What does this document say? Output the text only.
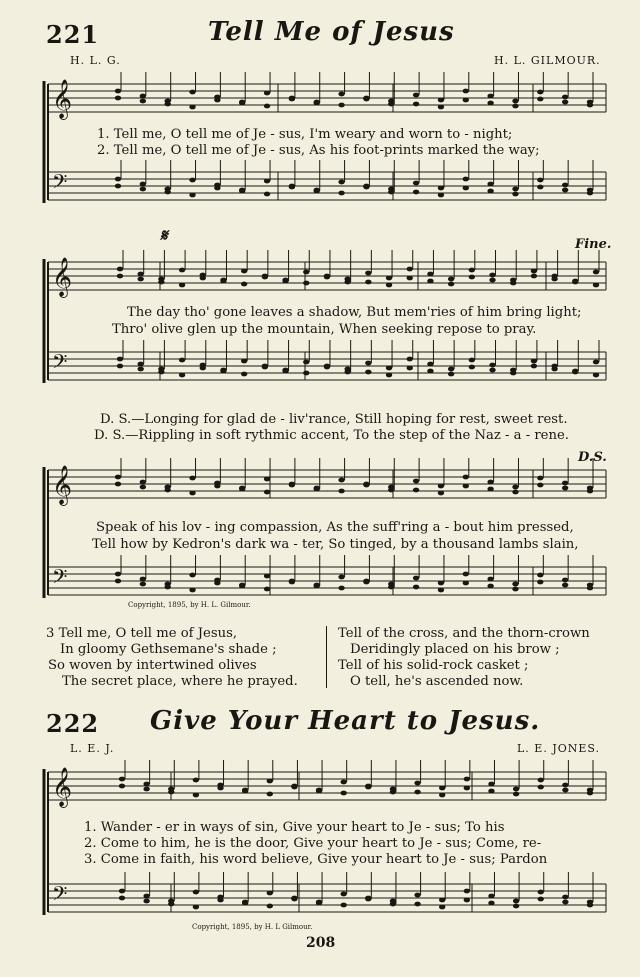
221	Tell Me of Jesus
H. L. G.	H. L. GILMOUR.
𝄞
𝄢
𝄞
𝄢
𝄞
𝄢
𝄞
𝄢
1. Tell me, O tell me of Je - sus, I'm weary and worn to - night;
2. Tell me, O tell me of Je - sus, As his foot-prints marked the way;
𝄋	Fine.
The day tho' gone leaves a shadow, But mem'ries of him bring light;
Thro' olive glen up the mountain, When seeking repose to pray.
D. S.—Longing for glad de - liv'rance, Still hoping for rest, sweet rest.
D. S.—Rippling in soft rythmic accent, To the step of the Naz - a - rene.
D.S.
Speak of his lov - ing compassion, As the suff'ring a - bout him pressed,
Tell how by Kedron's dark wa - ter, So tinged, by a thousand lambs slain,
Copyright, 1895, by H. L. Gilmour.
3 Tell me, O tell me of Jesus,
In gloomy Gethsemane's shade ;
So woven by intertwined olives
The secret place, where he prayed.
Tell of the cross, and the thorn-crown
Deridingly placed on his brow ;
Tell of his solid-rock casket ;
O tell, he's ascended now.
222 Give Your Heart to Jesus.
L. E. J.	L. E. JONES.
1. Wander - er in ways of sin, Give your heart to Je - sus; To his
2. Come to him, he is the door, Give your heart to Je - sus; Come, re-
3. Come in faith, his word believe, Give your heart to Je - sus; Pardon
Copyright, 1895, by H. L Gilmour.
208
